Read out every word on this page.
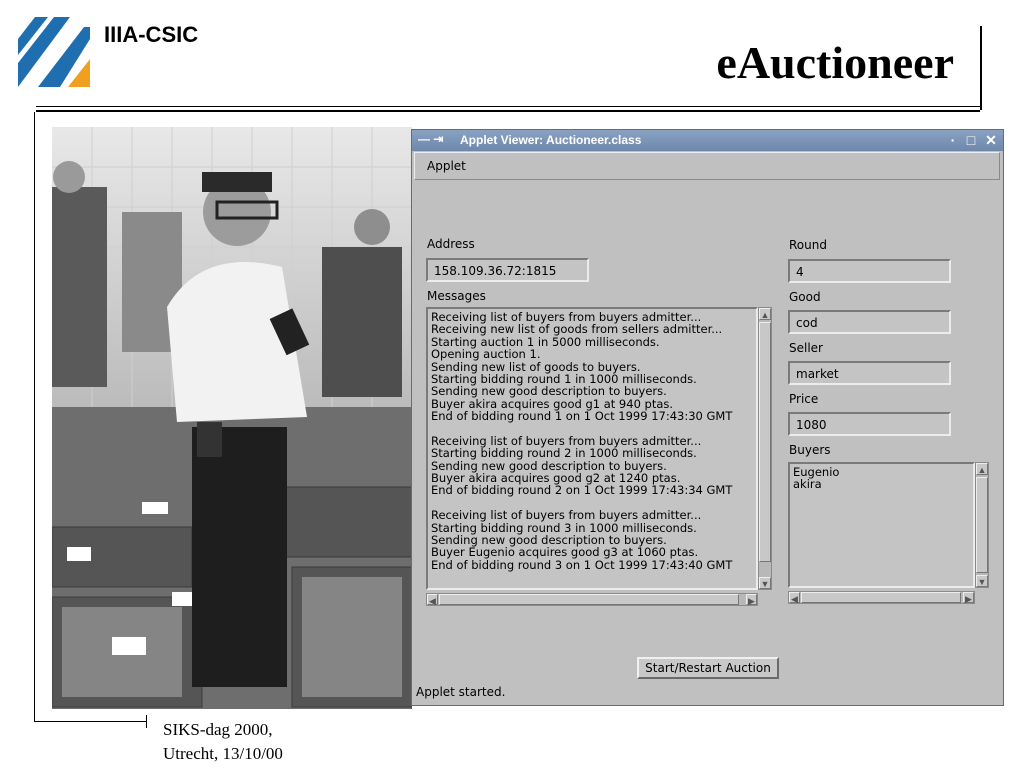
IIIA-CSIC
eAuctioneer
SIKS-dag 2000,
Utrecht, 13/10/00
— ⇥ Applet Viewer: Auctioneer.class	· □ ✕
Applet
Address
158.109.36.72:1815
Messages
Receiving list of buyers from buyers admitter...
Receiving new list of goods from sellers admitter...
Starting auction 1 in 5000 milliseconds.
Opening auction 1.
Sending new list of goods to buyers.
Starting bidding round 1 in 1000 milliseconds.
Sending new good description to buyers.
Buyer akira acquires good g1 at 940 ptas.
End of bidding round 1 on 1 Oct 1999 17:43:30 GMT
Receiving list of buyers from buyers admitter...
Starting bidding round 2 in 1000 milliseconds.
Sending new good description to buyers.
Buyer akira acquires good g2 at 1240 ptas.
End of bidding round 2 on 1 Oct 1999 17:43:34 GMT
Receiving list of buyers from buyers admitter...
Starting bidding round 3 in 1000 milliseconds.
Sending new good description to buyers.
Buyer Eugenio acquires good g3 at 1060 ptas.
End of bidding round 3 on 1 Oct 1999 17:43:40 GMT
▲
▼
◀	▶
Round
4
Good
cod
Seller
market
Price
1080
Buyers
Eugenio
akira
▲
▼
◀	▶
Start/Restart Auction
Applet started.
